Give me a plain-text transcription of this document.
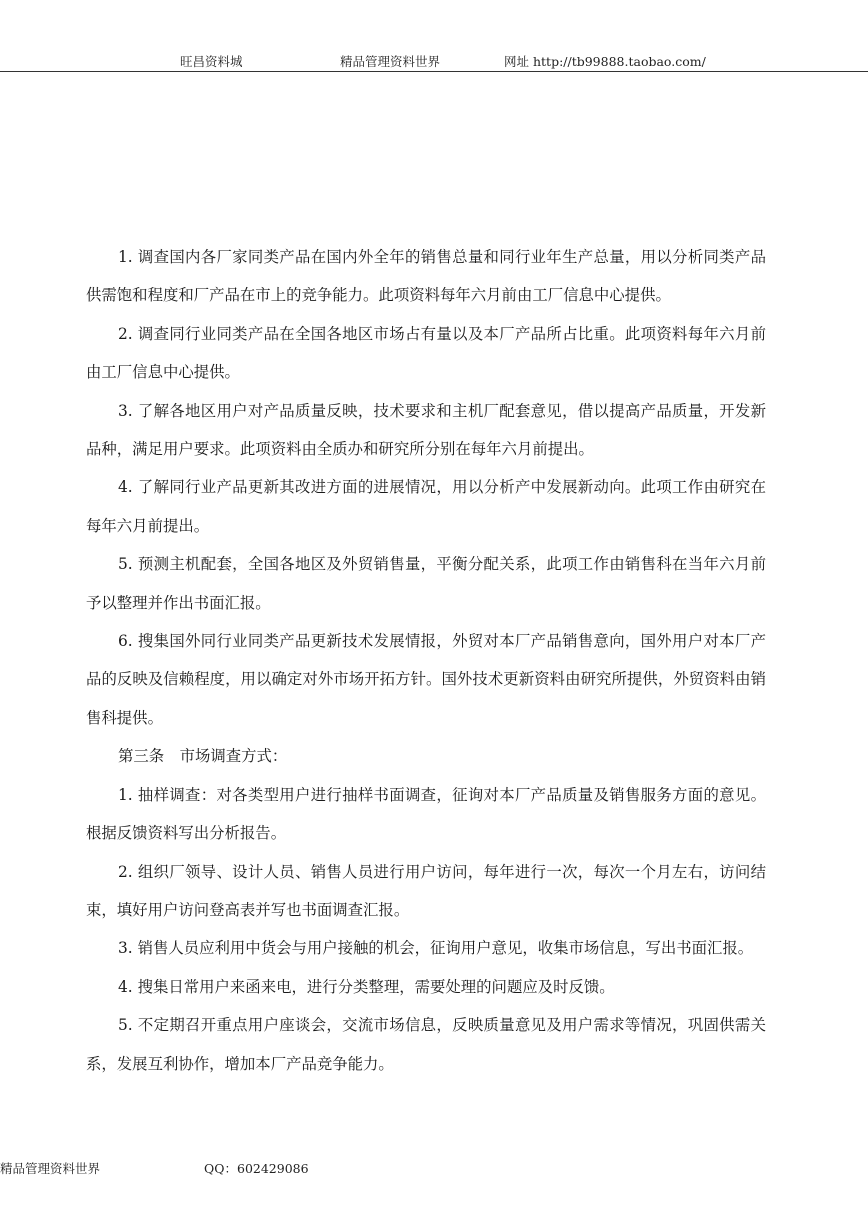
旺昌资料城	精品管理资料世界	网址 http://tb99888.taobao.com/

1. 调查国内各厂家同类产品在国内外全年的销售总量和同行业年生产总量，用以分析同类产品供需饱和程度和厂产品在市上的竞争能力。此项资料每年六月前由工厂信息中心提供。

2. 调查同行业同类产品在全国各地区市场占有量以及本厂产品所占比重。此项资料每年六月前由工厂信息中心提供。

3. 了解各地区用户对产品质量反映，技术要求和主机厂配套意见，借以提高产品质量，开发新品种，满足用户要求。此项资料由全质办和研究所分别在每年六月前提出。

4. 了解同行业产品更新其改进方面的进展情况，用以分析产中发展新动向。此项工作由研究在每年六月前提出。

5. 预测主机配套，全国各地区及外贸销售量，平衡分配关系，此项工作由销售科在当年六月前予以整理并作出书面汇报。

6. 搜集国外同行业同类产品更新技术发展情报，外贸对本厂产品销售意向，国外用户对本厂产品的反映及信赖程度，用以确定对外市场开拓方针。国外技术更新资料由研究所提供，外贸资料由销售科提供。

第三条　市场调查方式：

1. 抽样调查：对各类型用户进行抽样书面调查，征询对本厂产品质量及销售服务方面的意见。根据反馈资料写出分析报告。

2. 组织厂领导、设计人员、销售人员进行用户访问，每年进行一次，每次一个月左右，访问结束，填好用户访问登高表并写也书面调查汇报。

3. 销售人员应利用中货会与用户接触的机会，征询用户意见，收集市场信息，写出书面汇报。

4. 搜集日常用户来函来电，进行分类整理，需要处理的问题应及时反馈。

5. 不定期召开重点用户座谈会，交流市场信息，反映质量意见及用户需求等情况，巩固供需关系，发展互利协作，增加本厂产品竞争能力。

精品管理资料世界	QQ：602429086
